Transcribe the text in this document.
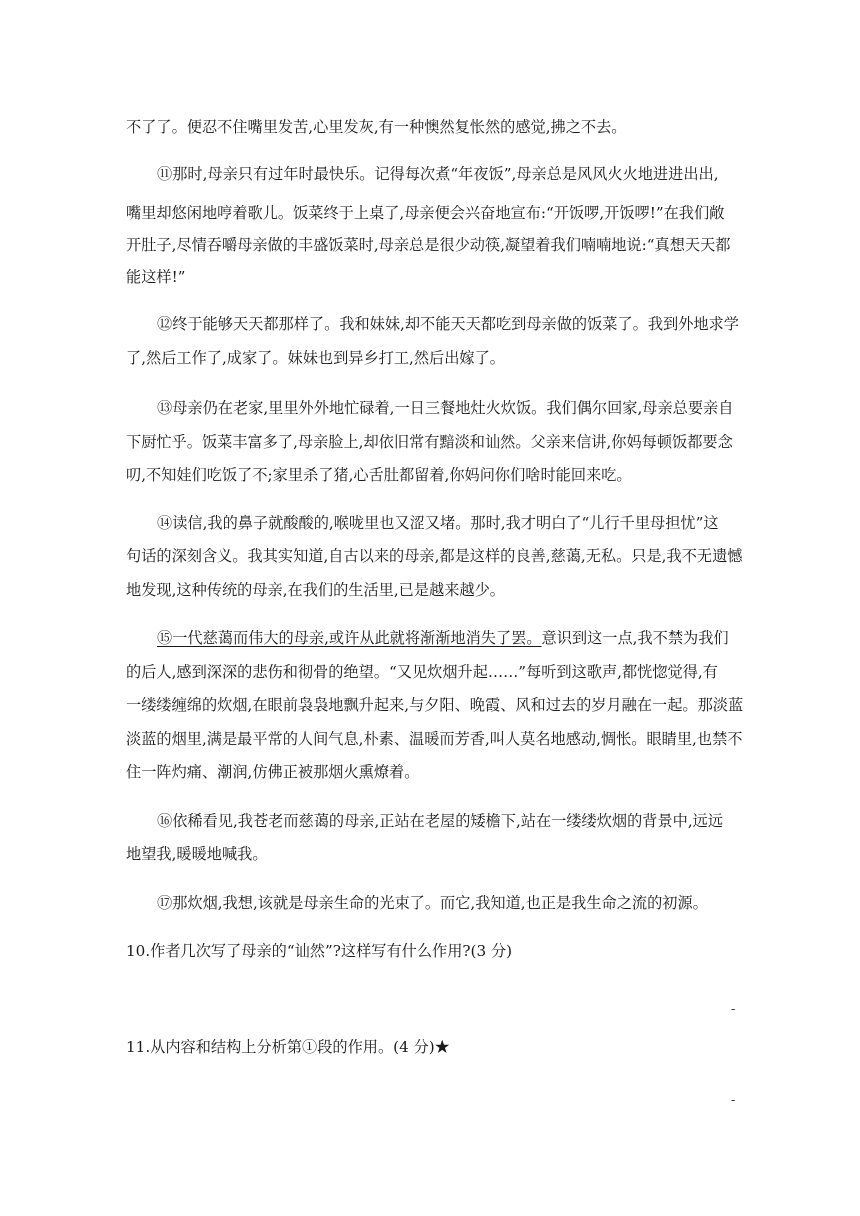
不了了。便忍不住嘴里发苦,心里发灰,有一种懊然复怅然的感觉,拂之不去。
⑪那时,母亲只有过年时最快乐。记得每次煮“年夜饭”,母亲总是风风火火地进进出出,
嘴里却悠闲地哼着歌儿。饭菜终于上桌了,母亲便会兴奋地宣布:“开饭啰,开饭啰!”在我们敞
开肚子,尽情吞嚼母亲做的丰盛饭菜时,母亲总是很少动筷,凝望着我们喃喃地说:“真想天天都
能这样!”
⑫终于能够天天都那样了。我和妹妹,却不能天天都吃到母亲做的饭菜了。我到外地求学
了,然后工作了,成家了。妹妹也到异乡打工,然后出嫁了。
⑬母亲仍在老家,里里外外地忙碌着,一日三餐地灶火炊饭。我们偶尔回家,母亲总要亲自
下厨忙乎。饭菜丰富多了,母亲脸上,却依旧常有黯淡和讪然。父亲来信讲,你妈每顿饭都要念
叨,不知娃们吃饭了不;家里杀了猪,心舌肚都留着,你妈问你们啥时能回来吃。
⑭读信,我的鼻子就酸酸的,喉咙里也又涩又堵。那时,我才明白了“儿行千里母担忧”这
句话的深刻含义。我其实知道,自古以来的母亲,都是这样的良善,慈蔼,无私。只是,我不无遗憾
地发现,这种传统的母亲,在我们的生活里,已是越来越少。
⑮一代慈蔼而伟大的母亲,或许从此就将渐渐地消失了罢。意识到这一点,我不禁为我们
的后人,感到深深的悲伤和彻骨的绝望。“又见炊烟升起……”每听到这歌声,都恍惚觉得,有
一缕缕缠绵的炊烟,在眼前袅袅地飘升起来,与夕阳、晚霞、风和过去的岁月融在一起。那淡蓝
淡蓝的烟里,满是最平常的人间气息,朴素、温暖而芳香,叫人莫名地感动,惆怅。眼睛里,也禁不
住一阵灼痛、潮润,仿佛正被那烟火熏燎着。
⑯依稀看见,我苍老而慈蔼的母亲,正站在老屋的矮檐下,站在一缕缕炊烟的背景中,远远
地望我,暖暖地喊我。
⑰那炊烟,我想,该就是母亲生命的光束了。而它,我知道,也正是我生命之流的初源。
10.作者几次写了母亲的“讪然”?这样写有什么作用?(3 分)
-
11.从内容和结构上分析第①段的作用。(4 分)★
-
